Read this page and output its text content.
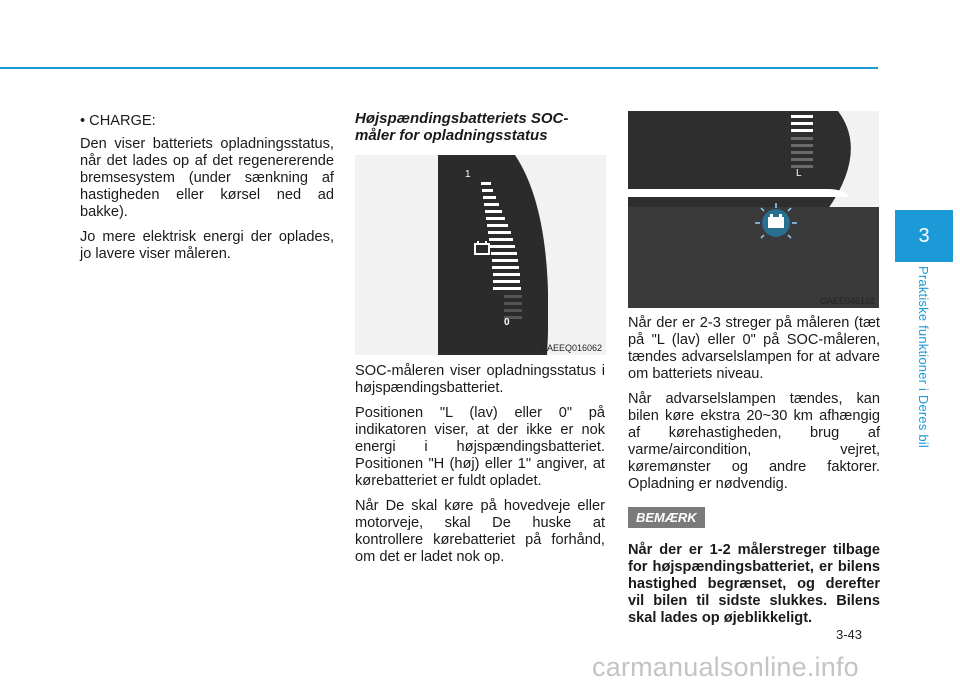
• CHARGE:

Den viser batteriets opladningsstatus, når det lades op af det regenererende bremsesystem (under sænkning af hastigheden eller kørsel ned ad bakke).

Jo mere elektrisk energi der oplades, jo lavere viser måleren.

Højspændingsbatteriets SOC-måler for opladningsstatus
1
0
OAEEQ016062

SOC-måleren viser opladningsstatus i højspændingsbatteriet.

Positionen "L (lav) eller 0" på indikatoren viser, at der ikke er nok energi i højspændingsbatteriet. Positionen "H (høj) eller 1" angiver, at kørebatteriet er fuldt opladet.

Når De skal køre på hovedveje eller motorveje, skal De huske at kontrollere kørebatteriet på forhånd, om det er ladet nok op.

L
OAEE046102

Når der er 2-3 streger på måleren (tæt på "L (lav) eller 0" på SOC-måleren, tændes advarselslampen for at advare om batteriets niveau.

Når advarselslampen tændes, kan bilen køre ekstra 20~30 km afhængig af kørehastigheden, brug af varme/aircondition, vejret, køremønster og andre faktorer. Opladning er nødvendig.

BEMÆRK

Når der er 1-2 målerstreger tilbage for højspændingsbatteriet, er bilens hastighed begrænset, og derefter vil bilen til sidste slukkes. Bilens skal lades op øjeblikkeligt.

3
Praktiske funktioner i Deres bil
3-43
carmanualsonline.info
